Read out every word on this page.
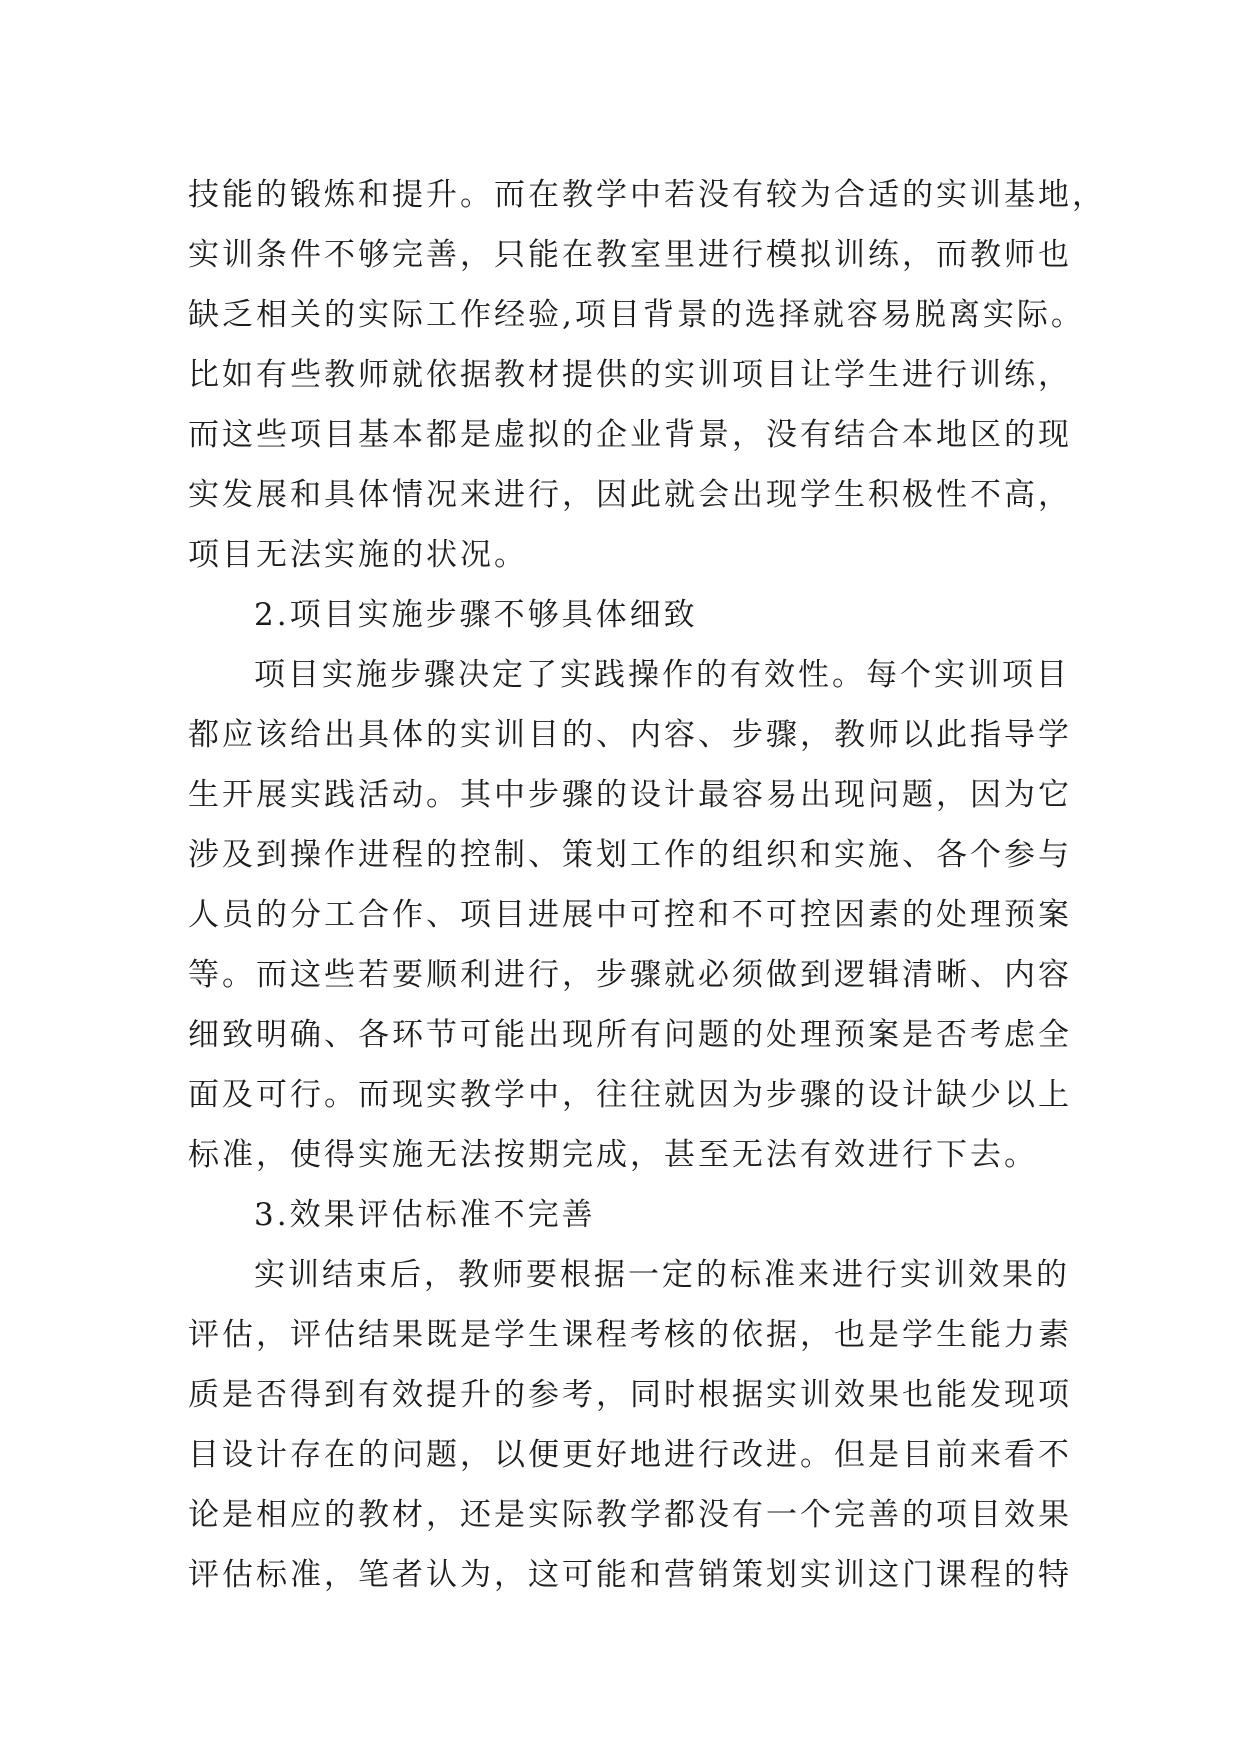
技能的锻炼和提升。而在教学中若没有较为合适的实训基地，
实训条件不够完善，只能在教室里进行模拟训练，而教师也
缺乏相关的实际工作经验,项目背景的选择就容易脱离实际。
比如有些教师就依据教材提供的实训项目让学生进行训练，
而这些项目基本都是虚拟的企业背景，没有结合本地区的现
实发展和具体情况来进行，因此就会出现学生积极性不高，
项目无法实施的状况。
2.项目实施步骤不够具体细致
项目实施步骤决定了实践操作的有效性。每个实训项目
都应该给出具体的实训目的、内容、步骤，教师以此指导学
生开展实践活动。其中步骤的设计最容易出现问题，因为它
涉及到操作进程的控制、策划工作的组织和实施、各个参与
人员的分工合作、项目进展中可控和不可控因素的处理预案
等。而这些若要顺利进行，步骤就必须做到逻辑清晰、内容
细致明确、各环节可能出现所有问题的处理预案是否考虑全
面及可行。而现实教学中，往往就因为步骤的设计缺少以上
标准，使得实施无法按期完成，甚至无法有效进行下去。
3.效果评估标准不完善
实训结束后，教师要根据一定的标准来进行实训效果的
评估，评估结果既是学生课程考核的依据，也是学生能力素
质是否得到有效提升的参考，同时根据实训效果也能发现项
目设计存在的问题，以便更好地进行改进。但是目前来看不
论是相应的教材，还是实际教学都没有一个完善的项目效果
评估标准，笔者认为，这可能和营销策划实训这门课程的特
